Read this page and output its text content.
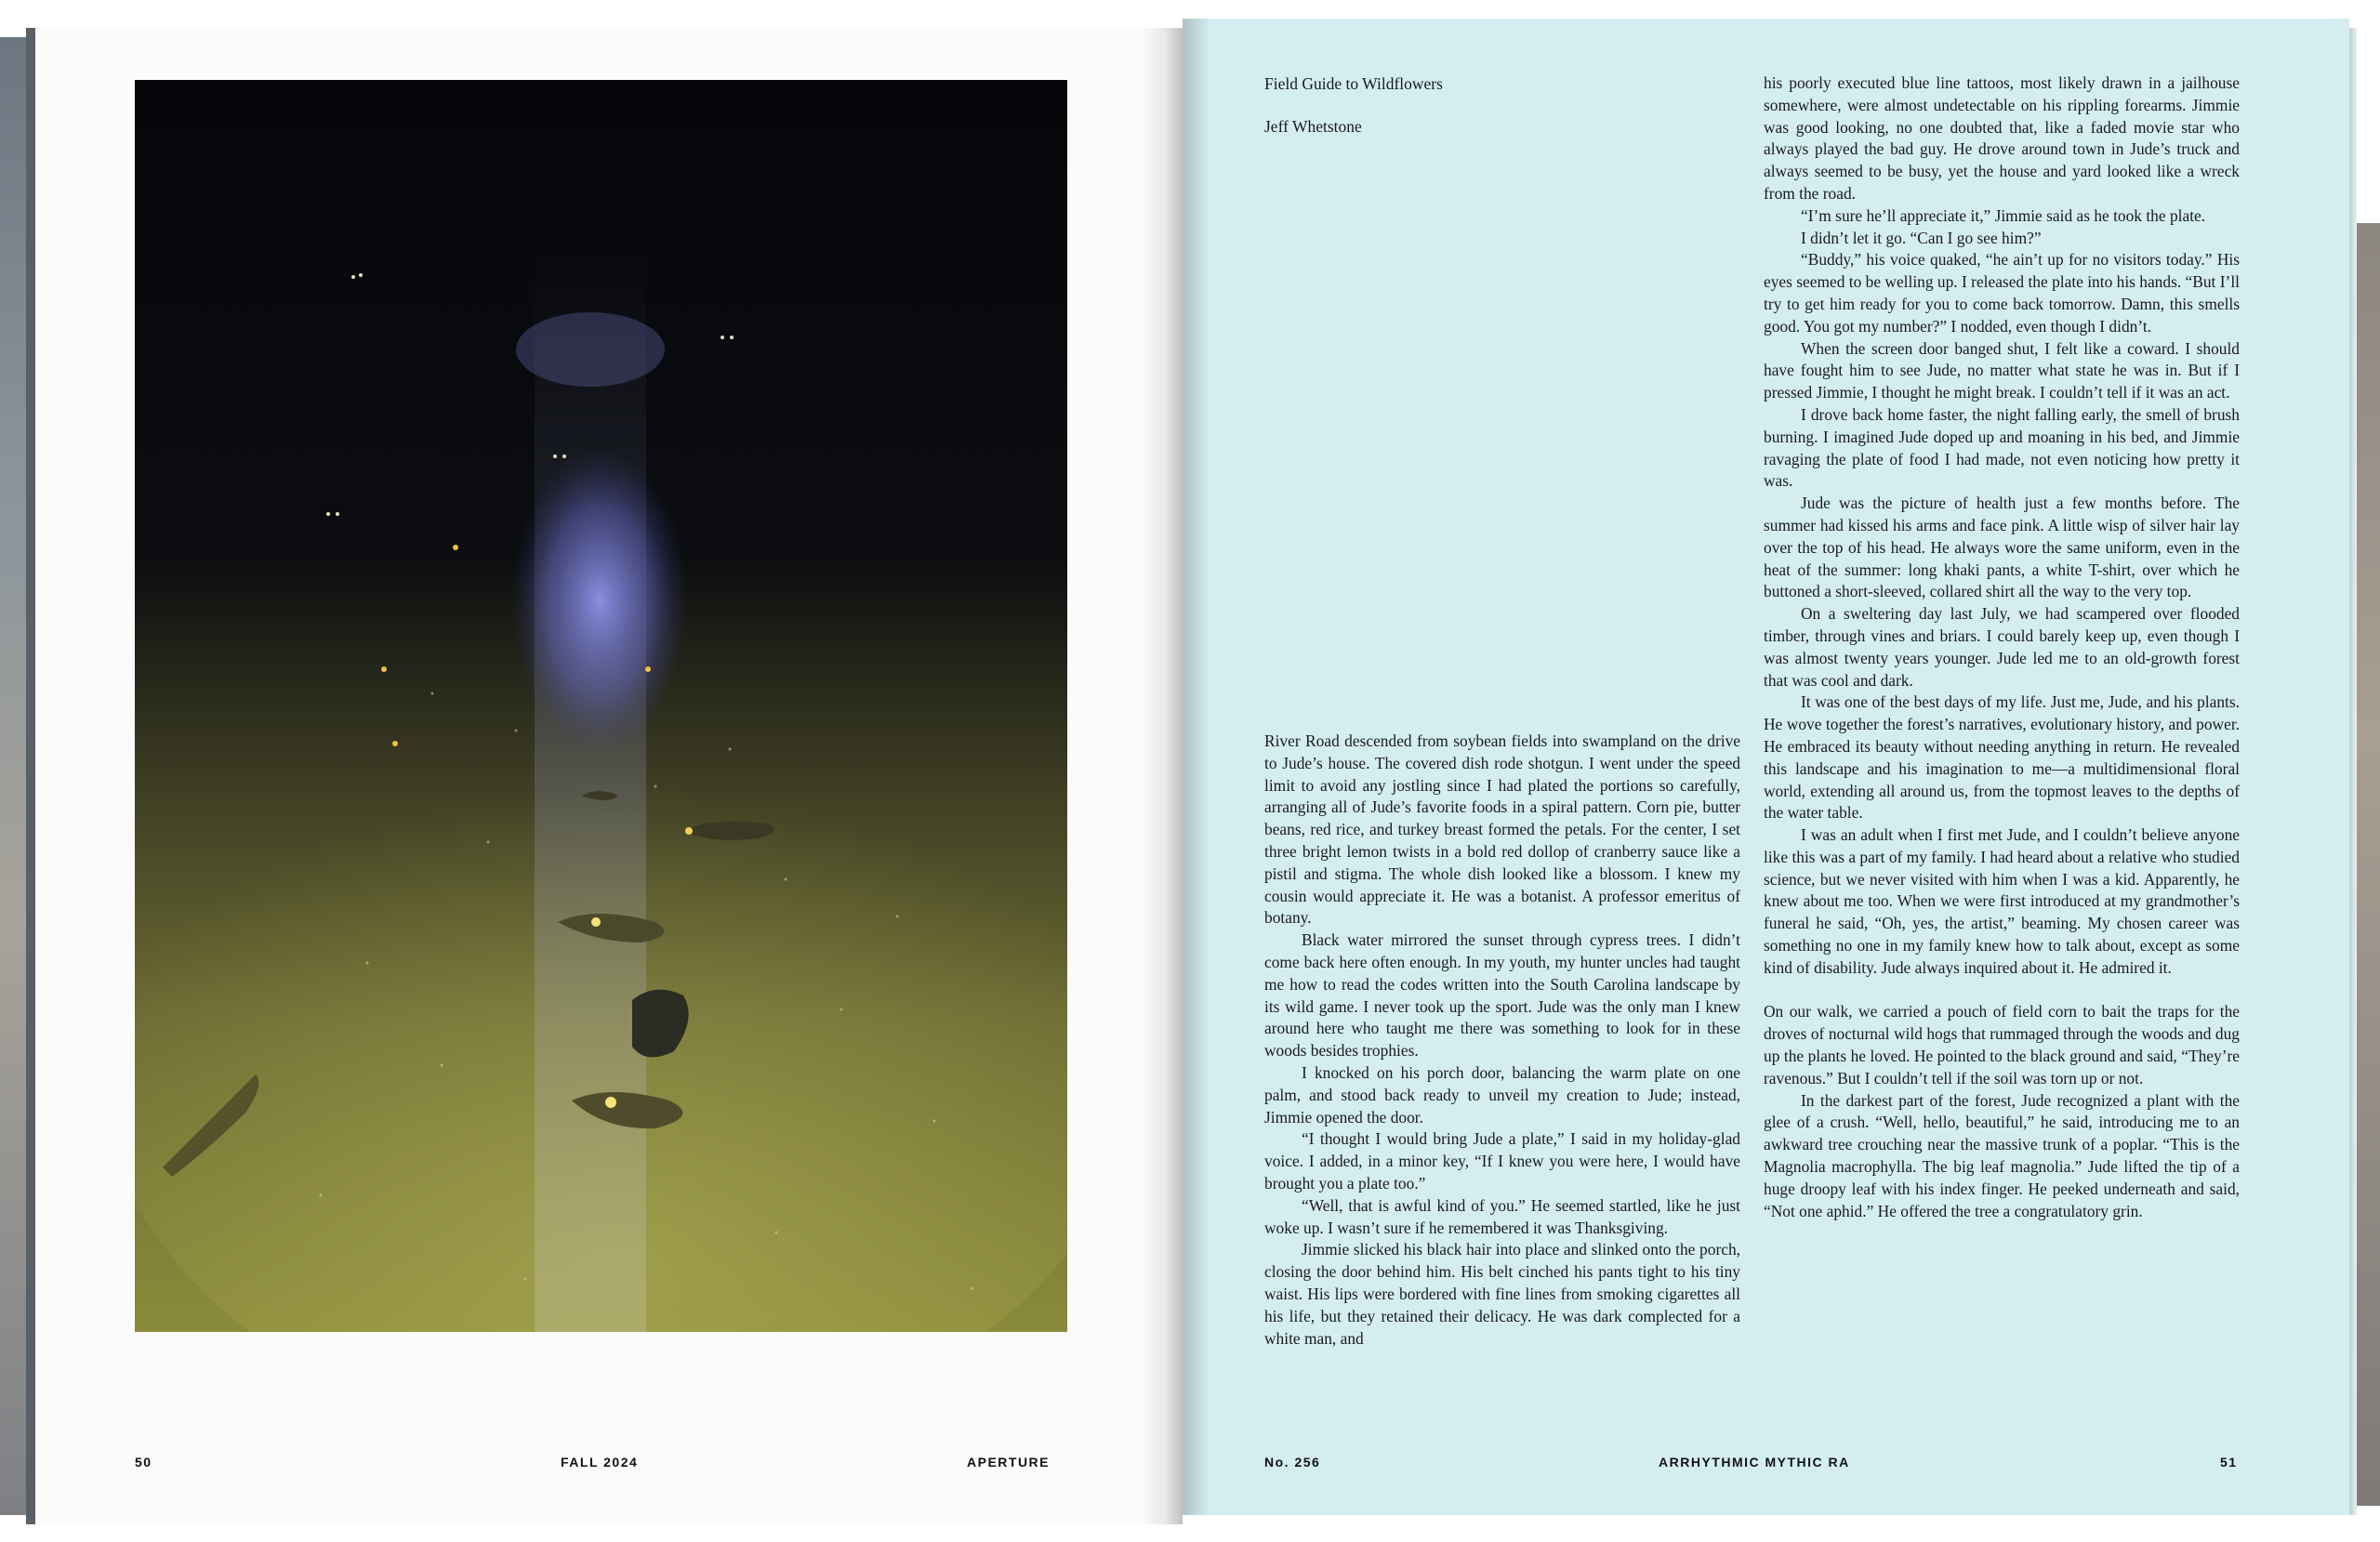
50	FALL 2024	APERTURE
Field Guide to Wildflowers
Jeff Whetstone

River Road descended from soybean fields into swampland on the drive to Jude’s house. The covered dish rode shotgun. I went under the speed limit to avoid any jostling since I had plated the portions so carefully, arranging all of Jude’s favorite foods in a spiral pattern. Corn pie, butter beans, red rice, and turkey breast formed the petals. For the center, I set three bright lemon twists in a bold red dollop of cranberry sauce like a pistil and stigma. The whole dish looked like a blossom. I knew my cousin would appreciate it. He was a botanist. A professor emeritus of botany.

Black water mirrored the sunset through cypress trees. I didn’t come back here often enough. In my youth, my hunter uncles had taught me how to read the codes written into the South Carolina landscape by its wild game. I never took up the sport. Jude was the only man I knew around here who taught me there was something to look for in these woods besides trophies.

I knocked on his porch door, balancing the warm plate on one palm, and stood back ready to unveil my creation to Jude; instead, Jimmie opened the door.

“I thought I would bring Jude a plate,” I said in my holiday-glad voice. I added, in a minor key, “If I knew you were here, I would have brought you a plate too.”

“Well, that is awful kind of you.” He seemed startled, like he just woke up. I wasn’t sure if he remembered it was Thanksgiving.

Jimmie slicked his black hair into place and slinked onto the porch, closing the door behind him. His belt cinched his pants tight to his tiny waist. His lips were bordered with fine lines from smoking cigarettes all his life, but they retained their delicacy. He was dark complected for a white man, and

his poorly executed blue line tattoos, most likely drawn in a jailhouse somewhere, were almost undetectable on his rippling forearms. Jimmie was good looking, no one doubted that, like a faded movie star who always played the bad guy. He drove around town in Jude’s truck and always seemed to be busy, yet the house and yard looked like a wreck from the road.

“I’m sure he’ll appreciate it,” Jimmie said as he took the plate.

I didn’t let it go. “Can I go see him?”

“Buddy,” his voice quaked, “he ain’t up for no visitors today.” His eyes seemed to be welling up. I released the plate into his hands. “But I’ll try to get him ready for you to come back tomorrow. Damn, this smells good. You got my number?” I nodded, even though I didn’t.

When the screen door banged shut, I felt like a coward. I should have fought him to see Jude, no matter what state he was in. But if I pressed Jimmie, I thought he might break. I couldn’t tell if it was an act.

I drove back home faster, the night falling early, the smell of brush burning. I imagined Jude doped up and moaning in his bed, and Jimmie ravaging the plate of food I had made, not even noticing how pretty it was.

Jude was the picture of health just a few months before. The summer had kissed his arms and face pink. A little wisp of silver hair lay over the top of his head. He always wore the same uniform, even in the heat of the summer: long khaki pants, a white T-shirt, over which he buttoned a short-sleeved, collared shirt all the way to the very top.

On a sweltering day last July, we had scampered over flooded timber, through vines and briars. I could barely keep up, even though I was almost twenty years younger. Jude led me to an old-growth forest that was cool and dark.

It was one of the best days of my life. Just me, Jude, and his plants. He wove together the forest’s narratives, evolutionary history, and power. He embraced its beauty without needing anything in return. He revealed this landscape and his imagination to me—a multidimensional floral world, extending all around us, from the topmost leaves to the depths of the water table.

I was an adult when I first met Jude, and I couldn’t believe anyone like this was a part of my family. I had heard about a relative who studied science, but we never visited with him when I was a kid. Apparently, he knew about me too. When we were first introduced at my grandmother’s funeral he said, “Oh, yes, the artist,” beaming. My chosen career was something no one in my family knew how to talk about, except as some kind of disability. Jude always inquired about it. He admired it.

On our walk, we carried a pouch of field corn to bait the traps for the droves of nocturnal wild hogs that rummaged through the woods and dug up the plants he loved. He pointed to the black ground and said, “They’re ravenous.” But I couldn’t tell if the soil was torn up or not.

In the darkest part of the forest, Jude recognized a plant with the glee of a crush. “Well, hello, beautiful,” he said, introducing me to an awkward tree crouching near the massive trunk of a poplar. “This is the Magnolia macrophylla. The big leaf magnolia.” Jude lifted the tip of a huge droopy leaf with his index finger. He peeked underneath and said, “Not one aphid.” He offered the tree a congratulatory grin.

No. 256	ARRHYTHMIC MYTHIC RA	51
